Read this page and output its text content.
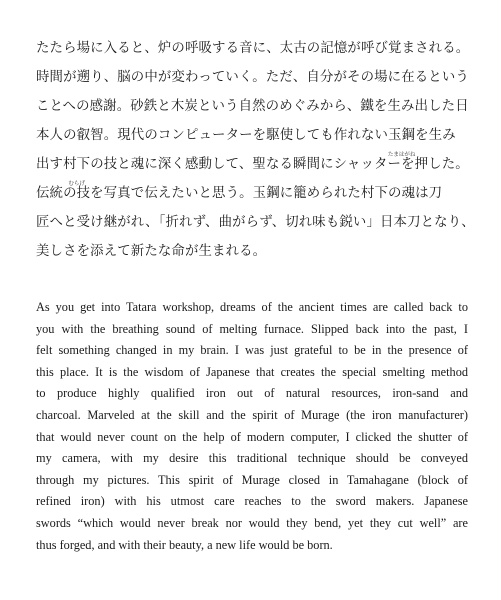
たたら場に入ると、炉の呼吸する音に、太古の記憶が呼び覚まされる。
時間が遡り、脳の中が変わっていく。ただ、自分がその場に在るという
ことへの感謝。砂鉄と木炭という自然のめぐみから、鐵を生み出した日
本人の叡智。現代のコンピューターを駆使しても作れない玉鋼
たまはがね
を生み
出す村下
むらげ
の技と魂に深く感動して、聖なる瞬間にシャッターを押した。
伝統の技を写真で伝えたいと思う。玉鋼に籠められた村下の魂は刀
匠へと受け継がれ、「折れず、曲がらず、切れ味も鋭い」日本刀となり、
美しさを添えて新たな命が生まれる。
As you get into Tatara workshop, dreams of the ancient times are called back to
you with the breathing sound of melting furnace. Slipped back into the past, I
felt something changed in my brain. I was just grateful to be in the presence of
this place. It is the wisdom of Japanese that creates the special smelting method
to produce highly qualified iron out of natural resources, iron-sand and
charcoal. Marveled at the skill and the spirit of Murage (the iron manufacturer)
that would never count on the help of modern computer, I clicked the shutter of
my camera, with my desire this traditional technique should be conveyed
through my pictures. This spirit of Murage closed in Tamahagane (block of
refined iron) with his utmost care reaches to the sword makers. Japanese
swords “which would never break nor would they bend, yet they cut well” are
thus forged, and with their beauty, a new life would be born.
